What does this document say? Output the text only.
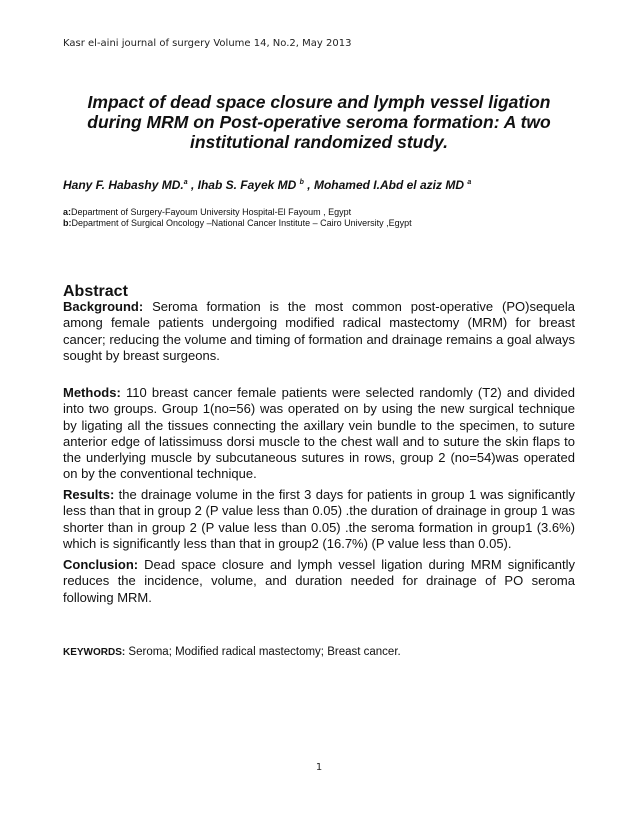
Kasr el-aini journal of surgery Volume 14, No.2, May 2013
Impact of dead space closure and lymph vessel ligation during MRM on Post-operative seroma formation: A two institutional randomized study.
Hany F. Habashy MD.$^a$ , Ihab S. Fayek MD $^b$ , Mohamed I.Abd el aziz MD $^a$
a:Department of Surgery-Fayoum University Hospital-El Fayoum , Egypt
b:Department of Surgical Oncology –National Cancer Institute – Cairo University ,Egypt
Abstract
Background: Seroma formation is the most common post-operative (PO)sequela among female patients undergoing modified radical mastectomy (MRM) for breast cancer; reducing the volume and timing of formation and drainage remains a goal always sought by breast surgeons.
Methods: 110 breast cancer female patients were selected randomly (T2) and divided into two groups. Group 1(no=56) was operated on by using the new surgical technique by ligating all the tissues connecting the axillary vein bundle to the specimen, to suture anterior edge of latissimuss dorsi muscle to the chest wall and to suture the skin flaps to the underlying muscle by subcutaneous sutures in rows, group 2 (no=54)was operated on by the conventional technique.
Results: the drainage volume in the first 3 days for patients in group 1 was significantly less than that in group 2 (P value less than 0.05) .the duration of drainage in group 1 was shorter than in group 2 (P value less than 0.05) .the seroma formation in group1 (3.6%) which is significantly less than that in group2 (16.7%) (P value less than 0.05).
Conclusion: Dead space closure and lymph vessel ligation during MRM significantly reduces the incidence, volume, and duration needed for drainage of PO seroma following MRM.
KEYWORDS: Seroma; Modified radical mastectomy; Breast cancer.
1
